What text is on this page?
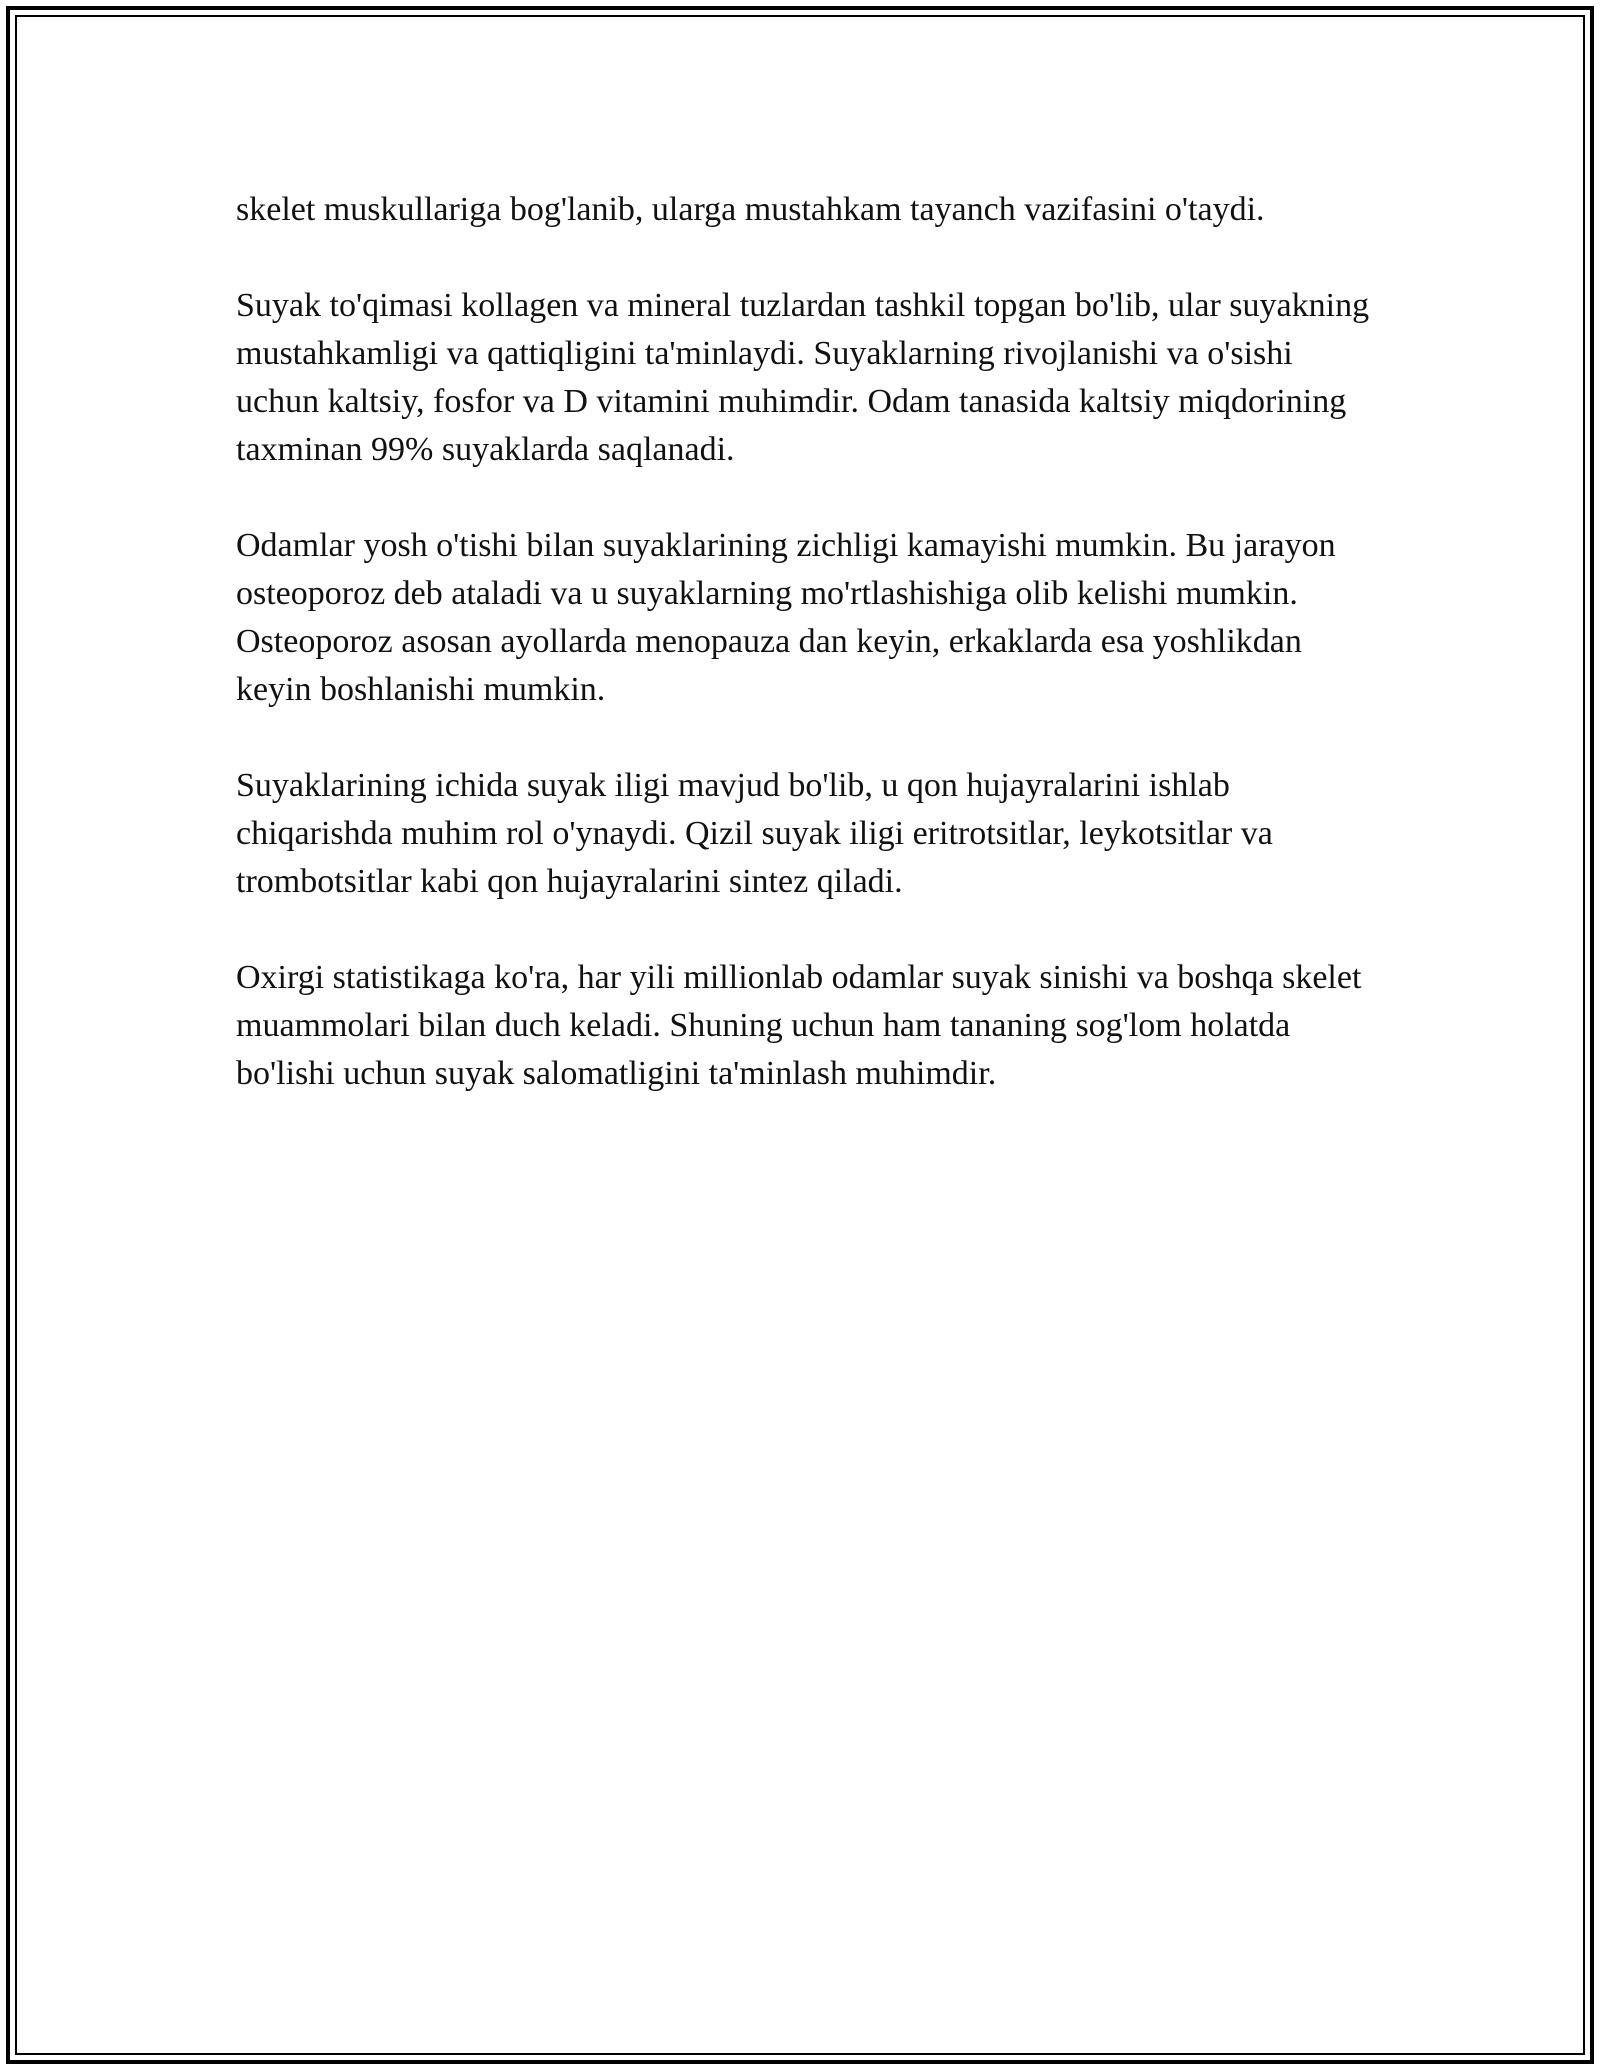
skelet muskullariga bog'lanib, ularga mustahkam tayanch vazifasini o'taydi.

Suyak to'qimasi kollagen va mineral tuzlardan tashkil topgan bo'lib, ular suyakning mustahkamligi va qattiqligini ta'minlaydi. Suyaklarning rivojlanishi va o'sishi uchun kaltsiy, fosfor va D vitamini muhimdir. Odam tanasida kaltsiy miqdorining taxminan 99% suyaklarda saqlanadi.

Odamlar yosh o'tishi bilan suyaklarining zichligi kamayishi mumkin. Bu jarayon osteoporoz deb ataladi va u suyaklarning mo'rtlashishiga olib kelishi mumkin. Osteoporoz asosan ayollarda menopauza dan keyin, erkaklarda esa yoshlikdan keyin boshlanishi mumkin.

Suyaklarining ichida suyak iligi mavjud bo'lib, u qon hujayralarini ishlab chiqarishda muhim rol o'ynaydi. Qizil suyak iligi eritrotsitlar, leykotsitlar va trombotsitlar kabi qon hujayralarini sintez qiladi.

Oxirgi statistikaga ko'ra, har yili millionlab odamlar suyak sinishi va boshqa skelet muammolari bilan duch keladi. Shuning uchun ham tananing sog'lom holatda bo'lishi uchun suyak salomatligini ta'minlash muhimdir.
